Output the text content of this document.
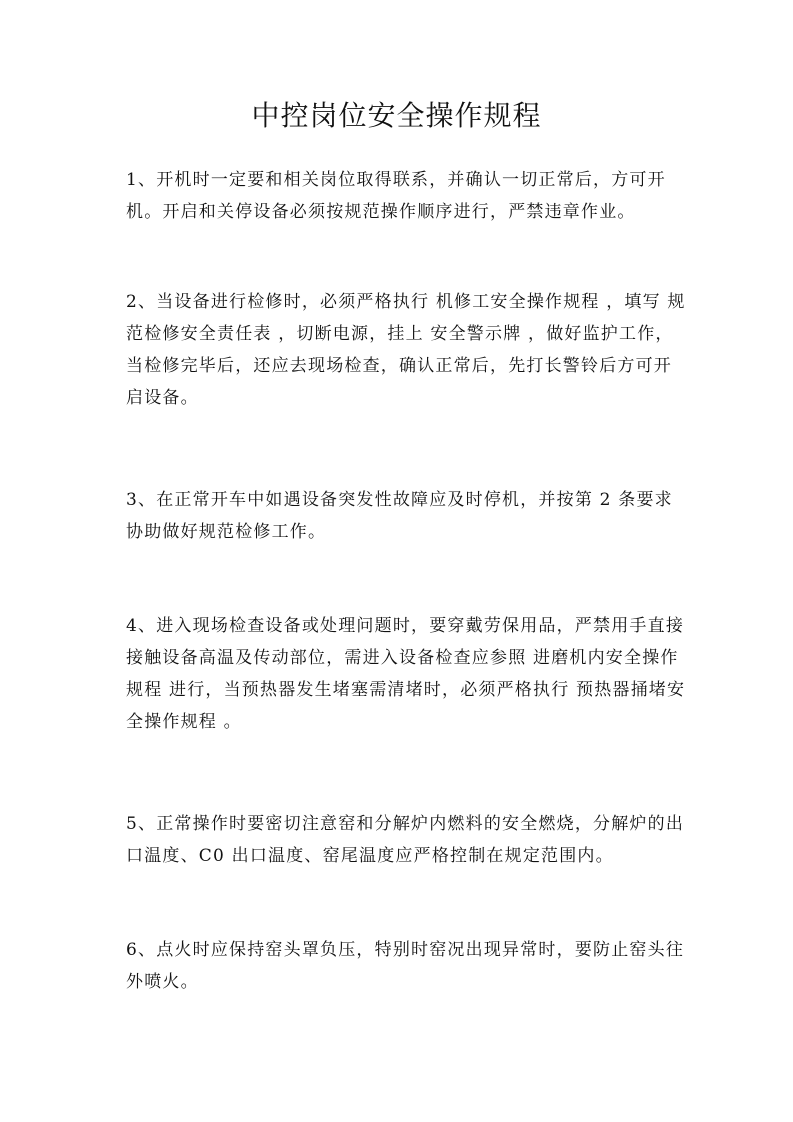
中控岗位安全操作规程

1、开机时一定要和相关岗位取得联系，并确认一切正常后，方可开机。开启和关停设备必须按规范操作顺序进行，严禁违章作业。

2、当设备进行检修时，必须严格执行 机修工安全操作规程 ，填写 规范检修安全责任表 ，切断电源，挂上 安全警示牌 ，做好监护工作，当检修完毕后，还应去现场检查，确认正常后，先打长警铃后方可开启设备。

3、在正常开车中如遇设备突发性故障应及时停机，并按第 2 条要求协助做好规范检修工作。

4、进入现场检查设备或处理问题时，要穿戴劳保用品，严禁用手直接接触设备高温及传动部位，需进入设备检查应参照 进磨机内安全操作规程 进行，当预热器发生堵塞需清堵时，必须严格执行 预热器捅堵安全操作规程 。

5、正常操作时要密切注意窑和分解炉内燃料的安全燃烧，分解炉的出口温度、C0 出口温度、窑尾温度应严格控制在规定范围内。

6、点火时应保持窑头罩负压，特别时窑况出现异常时，要防止窑头往外喷火。
